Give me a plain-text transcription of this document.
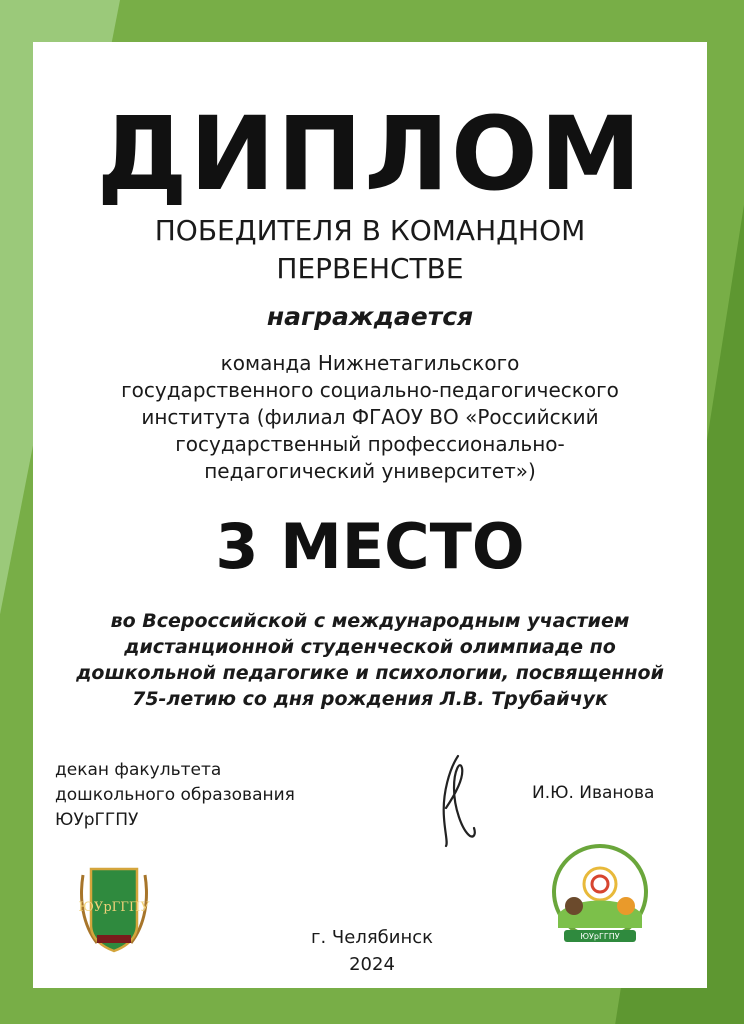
ДИПЛОМ
ПОБЕДИТЕЛЯ В КОМАНДНОМ
ПЕРВЕНСТВЕ
награждается
команда Нижнетагильского
государственного социально-педагогического
института (филиал ФГАОУ ВО «Российский
государственный профессионально-
педагогический университет»)
3 МЕСТО
во Всероссийской с международным участием
дистанционной студенческой олимпиаде по
дошкольной педагогике и психологии, посвященной
75-летию со дня рождения Л.В. Трубайчук
декан факультета
дошкольного образования
ЮУрГГПУ
И.Ю. Иванова
ЮУрГГПУ
ЮУрГГПУ
г. Челябинск
2024
